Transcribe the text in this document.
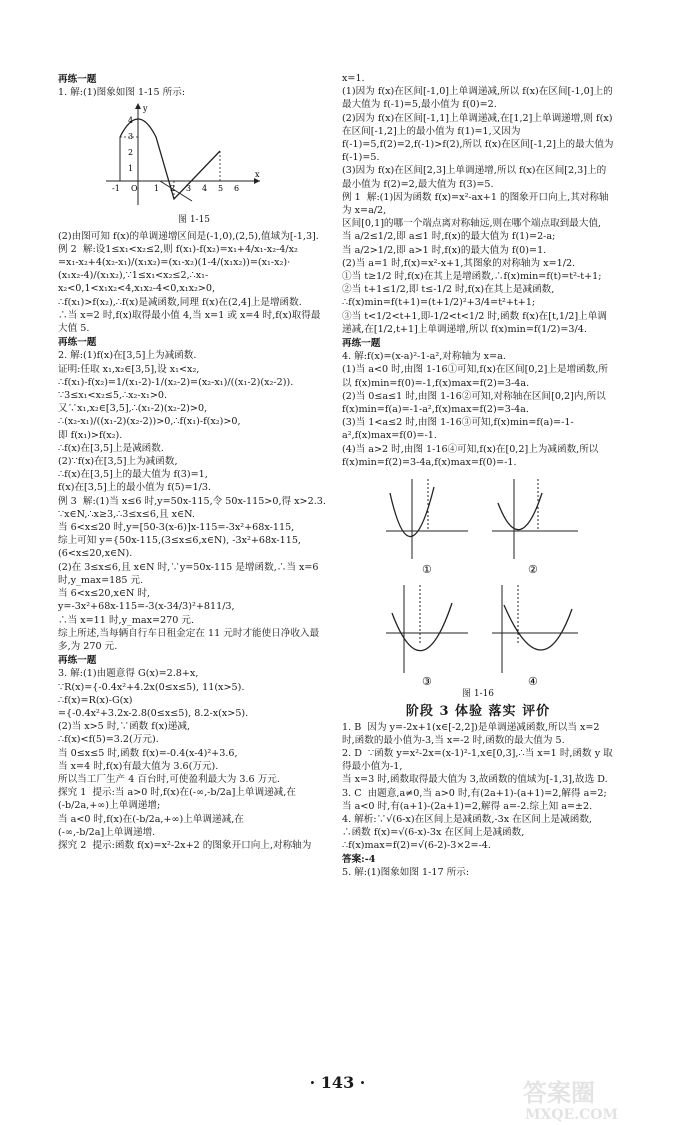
再练一题
1. 解:(1)图象如图 1-15 所示:
y
x
4
3
2
1
-1 O 1 2 3 4 5 6
图 1-15
(2)由图可知 f(x)的单调递增区间是(-1,0),(2,5),值域为[-1,3].
例 2  解:设1≤x₁<x₂≤2,则 f(x₁)-f(x₂)=x₁+4/x₁-x₂-4/x₂
=x₁-x₂+4(x₂-x₁)/(x₁x₂)=(x₁-x₂)(1-4/(x₁x₂))=(x₁-x₂)·
(x₁x₂-4)/(x₁x₂),∵1≤x₁<x₂≤2,∴x₁-x₂<0,1<x₁x₂<4,x₁x₂-4<0,x₁x₂>0,
∴f(x₁)>f(x₂),∴f(x)是减函数,同理 f(x)在(2,4]上是增函数.
∴当 x=2 时,f(x)取得最小值 4,当 x=1 或 x=4 时,f(x)取得最大值 5.
再练一题
2. 解:(1)f(x)在[3,5]上为减函数.
证明:任取 x₁,x₂∈[3,5],设 x₁<x₂,
∴f(x₁)-f(x₂)=1/(x₁-2)-1/(x₂-2)=(x₂-x₁)/((x₁-2)(x₂-2)).
∵3≤x₁<x₂≤5,∴x₂-x₁>0.
又∵x₁,x₂∈[3,5],∴(x₁-2)(x₂-2)>0,
∴(x₂-x₁)/((x₁-2)(x₂-2))>0,∴f(x₁)-f(x₂)>0,
即 f(x₁)>f(x₂).
∴f(x)在[3,5]上是减函数.
(2)∵f(x)在[3,5]上为减函数,
∴f(x)在[3,5]上的最大值为 f(3)=1,
f(x)在[3,5]上的最小值为 f(5)=1/3.
例 3  解:(1)当 x≤6 时,y=50x-115,令 50x-115>0,得 x>2.3.
∵x∈N,∴x≥3,∴3≤x≤6,且 x∈N.
当 6<x≤20 时,y=[50-3(x-6)]x-115=-3x²+68x-115,
综上可知 y={50x-115,(3≤x≤6,x∈N), -3x²+68x-115,(6<x≤20,x∈N).
(2)在 3≤x≤6,且 x∈N 时,∵y=50x-115 是增函数,∴当 x=6 时,y_max=185 元.
当 6<x≤20,x∈N 时,
y=-3x²+68x-115=-3(x-34/3)²+811/3,
∴当 x=11 时,y_max=270 元.
综上所述,当每辆自行车日租金定在 11 元时才能使日净收入最多,为 270 元.
再练一题
3. 解:(1)由题意得 G(x)=2.8+x,
∵R(x)={-0.4x²+4.2x(0≤x≤5), 11(x>5).
∴f(x)=R(x)-G(x)
={-0.4x²+3.2x-2.8(0≤x≤5), 8.2-x(x>5).
(2)当 x>5 时,∵函数 f(x)递减,
∴f(x)<f(5)=3.2(万元).
当 0≤x≤5 时,函数 f(x)=-0.4(x-4)²+3.6,
当 x=4 时,f(x)有最大值为 3.6(万元).
所以当工厂生产 4 百台时,可使盈利最大为 3.6 万元.
探究 1  提示:当 a>0 时,f(x)在(-∞,-b/2a]上单调递减,在
(-b/2a,+∞)上单调递增;
当 a<0 时,f(x)在(-b/2a,+∞)上单调递减,在
(-∞,-b/2a]上单调递增.
探究 2  提示:函数 f(x)=x²-2x+2 的图象开口向上,对称轴为
x=1.
(1)因为 f(x)在区间[-1,0]上单调递减,所以 f(x)在区间[-1,0]上的最大值为 f(-1)=5,最小值为 f(0)=2.
(2)因为 f(x)在区间[-1,1]上单调递减,在[1,2]上单调递增,则 f(x)在区间[-1,2]上的最小值为 f(1)=1,又因为 f(-1)=5,f(2)=2,f(-1)>f(2),所以 f(x)在区间[-1,2]上的最大值为 f(-1)=5.
(3)因为 f(x)在区间[2,3]上单调递增,所以 f(x)在区间[2,3]上的最小值为 f(2)=2,最大值为 f(3)=5.
例 1  解:(1)因为函数 f(x)=x²-ax+1 的图象开口向上,其对称轴为 x=a/2,
区间[0,1]的哪一个端点离对称轴远,则在哪个端点取到最大值,
当 a/2≤1/2,即 a≤1 时,f(x)的最大值为 f(1)=2-a;
当 a/2>1/2,即 a>1 时,f(x)的最大值为 f(0)=1.
(2)当 a=1 时,f(x)=x²-x+1,其图象的对称轴为 x=1/2.
①当 t≥1/2 时,f(x)在其上是增函数,∴f(x)min=f(t)=t²-t+1;
②当 t+1≤1/2,即 t≤-1/2 时,f(x)在其上是减函数,
∴f(x)min=f(t+1)=(t+1/2)²+3/4=t²+t+1;
③当 t<1/2<t+1,即-1/2<t<1/2 时,函数 f(x)在[t,1/2]上单调递减,在[1/2,t+1]上单调递增,所以 f(x)min=f(1/2)=3/4.
再练一题
4. 解:f(x)=(x-a)²-1-a²,对称轴为 x=a.
(1)当 a<0 时,由图 1-16①可知,f(x)在区间[0,2]上是增函数,所以 f(x)min=f(0)=-1,f(x)max=f(2)=3-4a.
(2)当 0≤a≤1 时,由图 1-16②可知,对称轴在区间[0,2]内,所以 f(x)min=f(a)=-1-a²,f(x)max=f(2)=3-4a.
(3)当 1<a≤2 时,由图 1-16③可知,f(x)min=f(a)=-1-a²,f(x)max=f(0)=-1.
(4)当 a>2 时,由图 1-16④可知,f(x)在[0,2]上为减函数,所以 f(x)min=f(2)=3-4a,f(x)max=f(0)=-1.
①	②
③	④
图 1-16
阶段 3 体验 落实 评价
1. B  因为 y=-2x+1(x∈[-2,2])是单调递减函数,所以当 x=2 时,函数的最小值为-3,当 x=-2 时,函数的最大值为 5.
2. D  ∵函数 y=x²-2x=(x-1)²-1,x∈[0,3],∴当 x=1 时,函数 y 取得最小值为-1,
当 x=3 时,函数取得最大值为 3,故函数的值域为[-1,3],故选 D.
3. C  由题意,a≠0,当 a>0 时,有(2a+1)-(a+1)=2,解得 a=2;当 a<0 时,有(a+1)-(2a+1)=2,解得 a=-2.综上知 a=±2.
4. 解析:∵√(6-x)在区间上是减函数,-3x 在区间上是减函数,
∴函数 f(x)=√(6-x)-3x 在区间上是减函数,
∴f(x)max=f(2)=√(6-2)-3×2=-4.
答案:-4
5. 解:(1)图象如图 1-17 所示:
· 143 ·	答案圈
MXQE.COM
